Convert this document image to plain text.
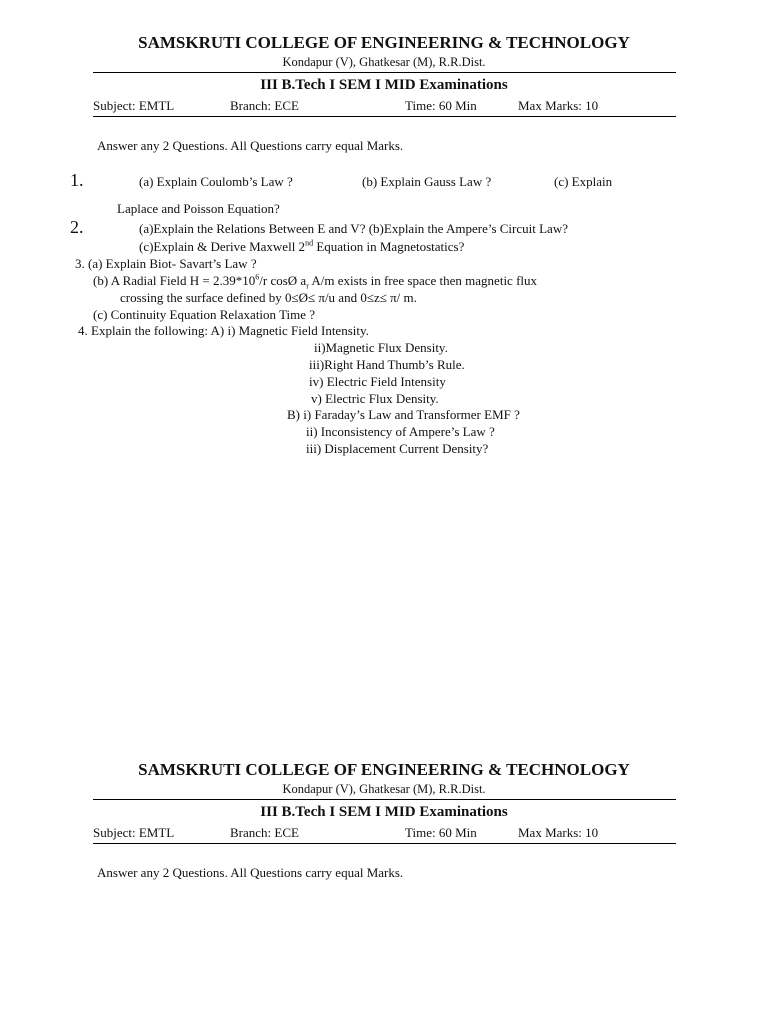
SAMSKRUTI COLLEGE OF ENGINEERING & TECHNOLOGY
Kondapur (V), Ghatkesar (M), R.R.Dist.
III B.Tech I SEM I MID Examinations
Subject: EMTL	Branch: ECE	Time: 60 Min	Max Marks: 10
Answer any 2 Questions. All Questions carry equal Marks.
1.	(a) Explain Coulomb’s Law ?	(b) Explain Gauss Law ?	(c) Explain
Laplace and Poisson Equation?
2.	(a)Explain the Relations Between E and V? (b)Explain the Ampere’s Circuit Law?
(c)Explain & Derive Maxwell 2nd Equation in Magnetostatics?
3. (a) Explain Biot- Savart’s Law ?
(b) A Radial Field $H = 2.39*10^6/r$ cosØ $a_r$ A/m exists in free space then magnetic flux
crossing the surface defined by 0≤Ø≤ π/u and 0≤z≤ π/ m.
(c) Continuity Equation Relaxation Time ?
4. Explain the following: A) i) Magnetic Field Intensity.
ii)Magnetic Flux Density.
iii)Right Hand Thumb’s Rule.
iv) Electric Field Intensity
v) Electric Flux Density.
B) i) Faraday’s Law and Transformer EMF ?
ii) Inconsistency of Ampere’s Law ?
iii) Displacement Current Density?
SAMSKRUTI COLLEGE OF ENGINEERING & TECHNOLOGY
Kondapur (V), Ghatkesar (M), R.R.Dist.
III B.Tech I SEM I MID Examinations
Subject: EMTL	Branch: ECE	Time: 60 Min	Max Marks: 10
Answer any 2 Questions. All Questions carry equal Marks.
